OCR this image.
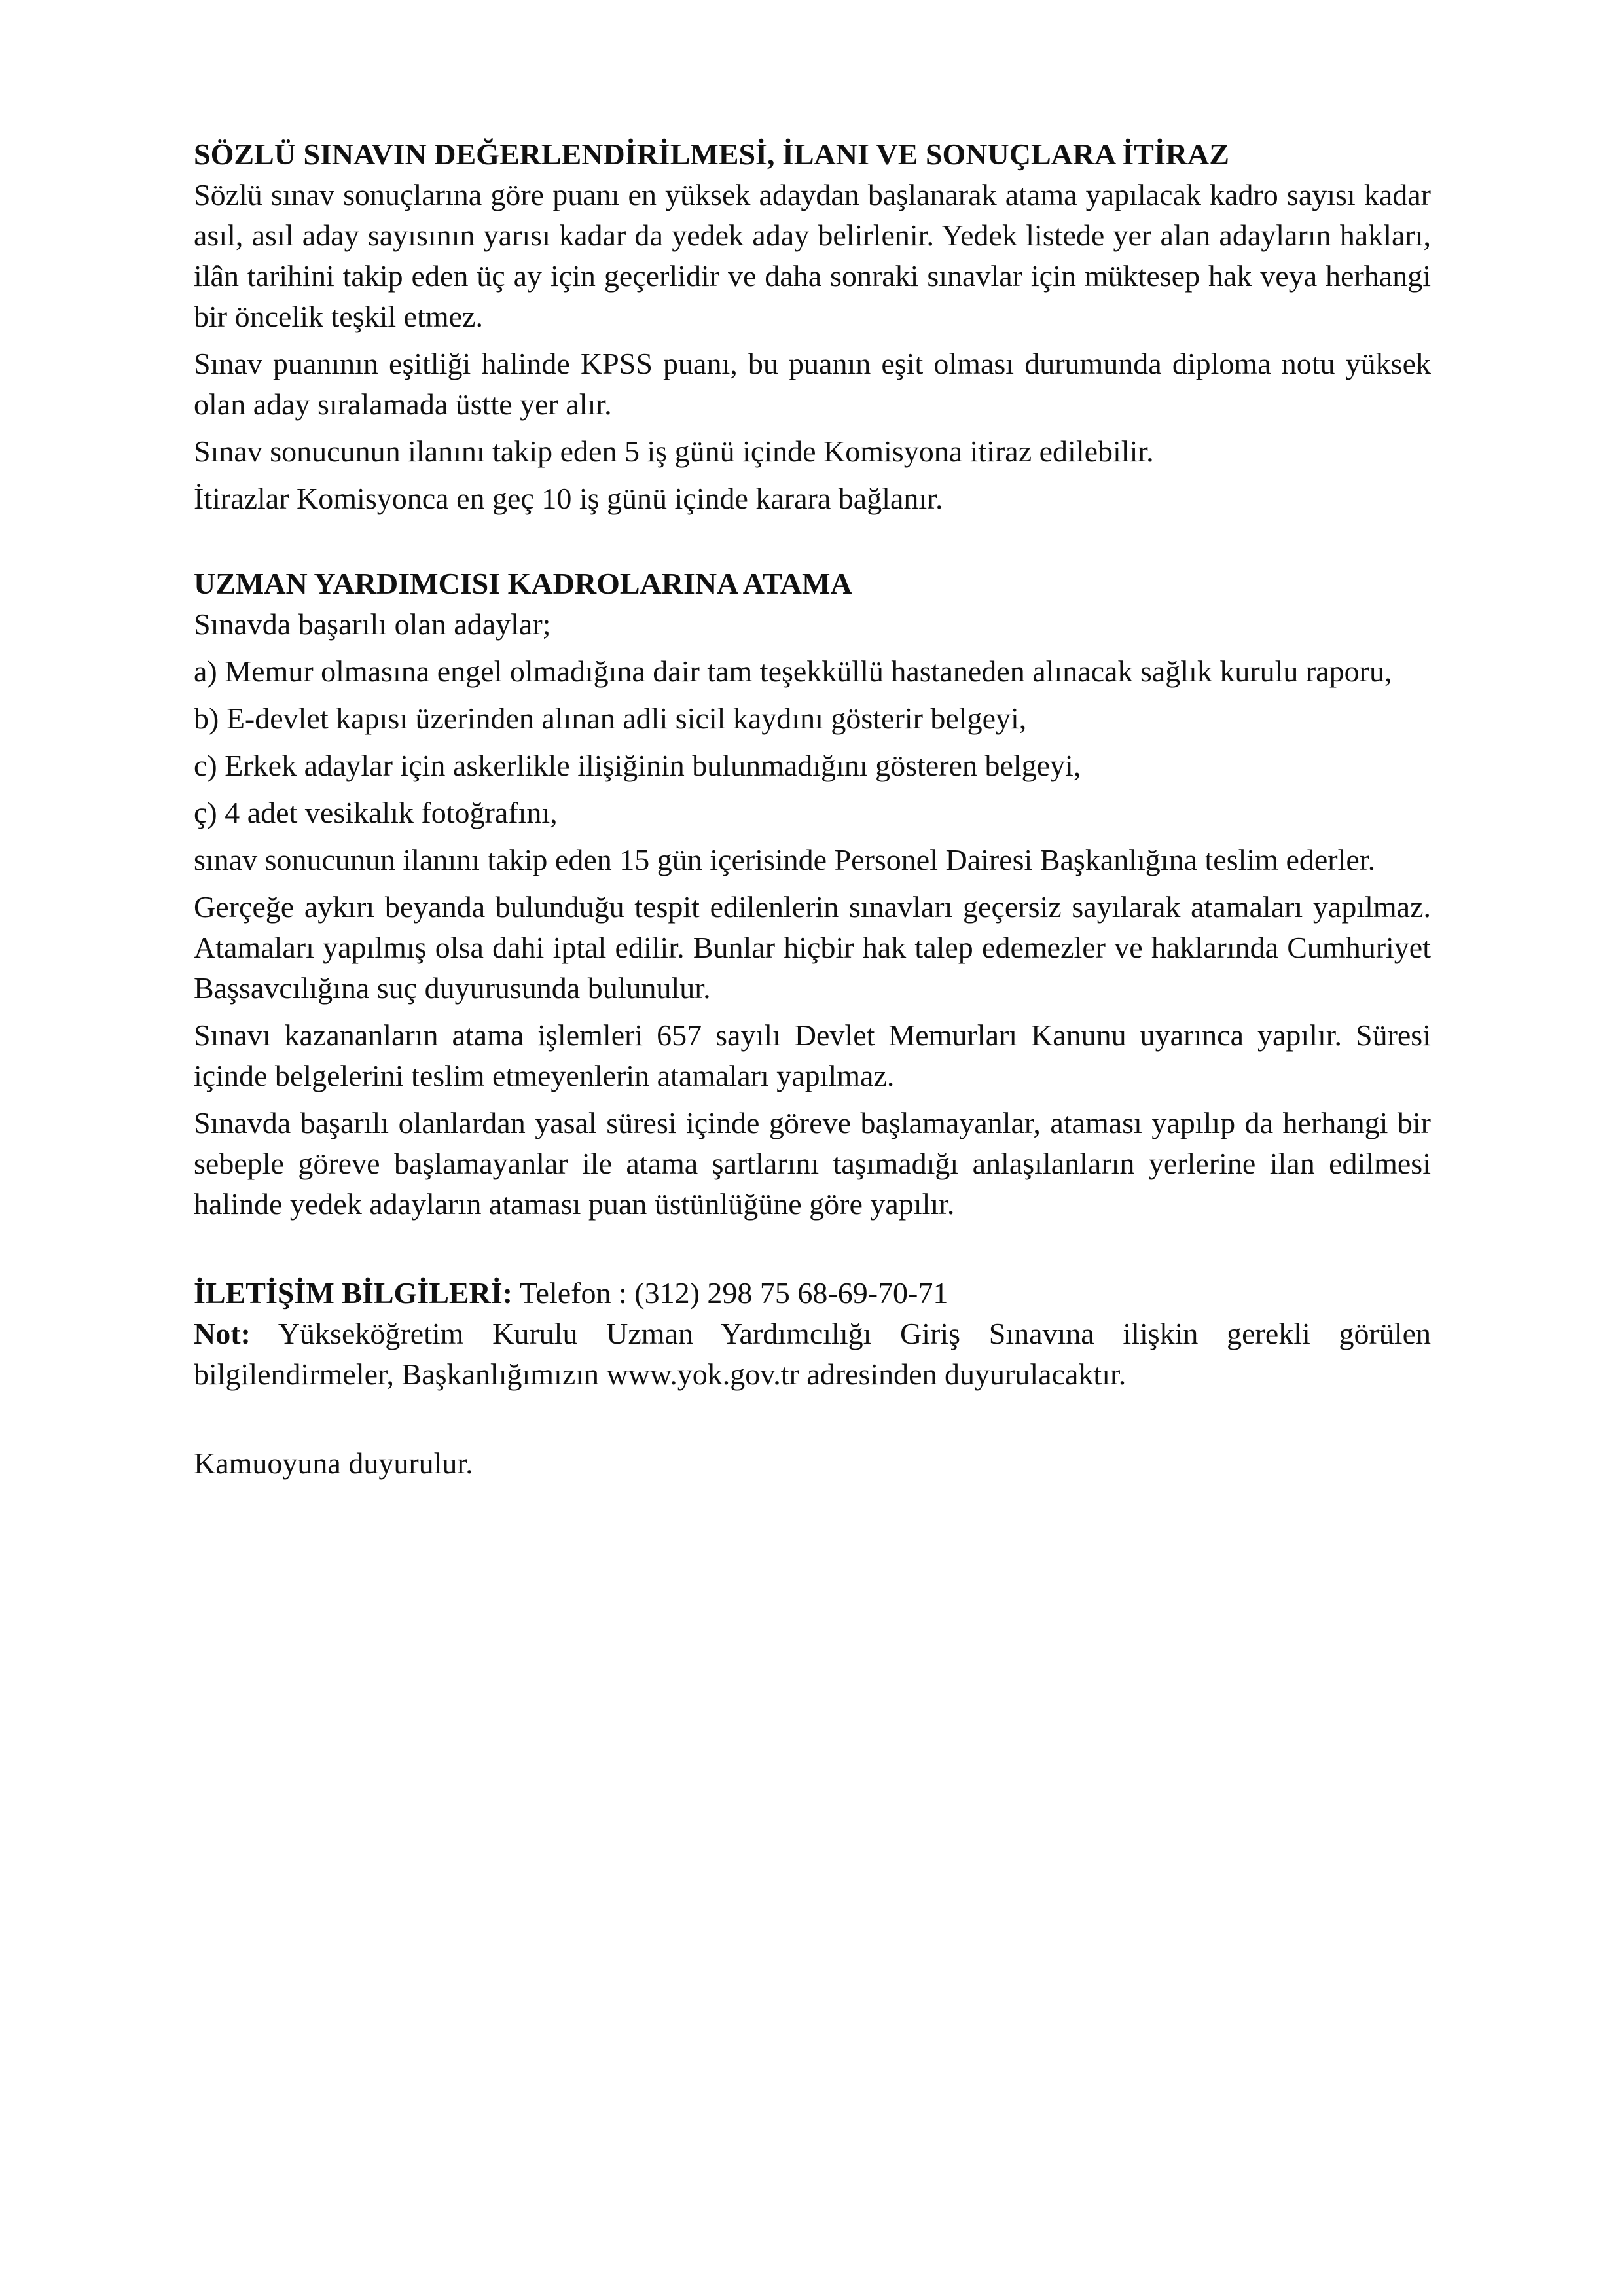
SÖZLÜ SINAVIN DEĞERLENDİRİLMESİ, İLANI VE SONUÇLARA İTİRAZ

Sözlü sınav sonuçlarına göre puanı en yüksek adaydan başlanarak atama yapılacak kadro sayısı kadar asıl, asıl aday sayısının yarısı kadar da yedek aday belirlenir. Yedek listede yer alan adayların hakları, ilân tarihini takip eden üç ay için geçerlidir ve daha sonraki sınavlar için müktesep hak veya herhangi bir öncelik teşkil etmez.

Sınav puanının eşitliği halinde KPSS puanı, bu puanın eşit olması durumunda diploma notu yüksek olan aday sıralamada üstte yer alır.

Sınav sonucunun ilanını takip eden 5 iş günü içinde Komisyona itiraz edilebilir.

İtirazlar Komisyonca en geç 10 iş günü içinde karara bağlanır.

UZMAN YARDIMCISI KADROLARINA ATAMA

Sınavda başarılı olan adaylar;

a) Memur olmasına engel olmadığına dair tam teşekküllü hastaneden alınacak sağlık kurulu raporu,

b) E-devlet kapısı üzerinden alınan adli sicil kaydını gösterir belgeyi,

c) Erkek adaylar için askerlikle ilişiğinin bulunmadığını gösteren belgeyi,

ç) 4 adet vesikalık fotoğrafını,

sınav sonucunun ilanını takip eden 15 gün içerisinde Personel Dairesi Başkanlığına teslim ederler.

Gerçeğe aykırı beyanda bulunduğu tespit edilenlerin sınavları geçersiz sayılarak atamaları yapılmaz. Atamaları yapılmış olsa dahi iptal edilir. Bunlar hiçbir hak talep edemezler ve haklarında Cumhuriyet Başsavcılığına suç duyurusunda bulunulur.

Sınavı kazananların atama işlemleri 657 sayılı Devlet Memurları Kanunu uyarınca yapılır. Süresi içinde belgelerini teslim etmeyenlerin atamaları yapılmaz.

Sınavda başarılı olanlardan yasal süresi içinde göreve başlamayanlar, ataması yapılıp da herhangi bir sebeple göreve başlamayanlar ile atama şartlarını taşımadığı anlaşılanların yerlerine ilan edilmesi halinde yedek adayların ataması puan üstünlüğüne göre yapılır.

İLETİŞİM BİLGİLERİ: Telefon : (312) 298 75 68-69-70-71

Not: Yükseköğretim Kurulu Uzman Yardımcılığı Giriş Sınavına ilişkin gerekli görülen bilgilendirmeler, Başkanlığımızın www.yok.gov.tr adresinden duyurulacaktır.

Kamuoyuna duyurulur.
